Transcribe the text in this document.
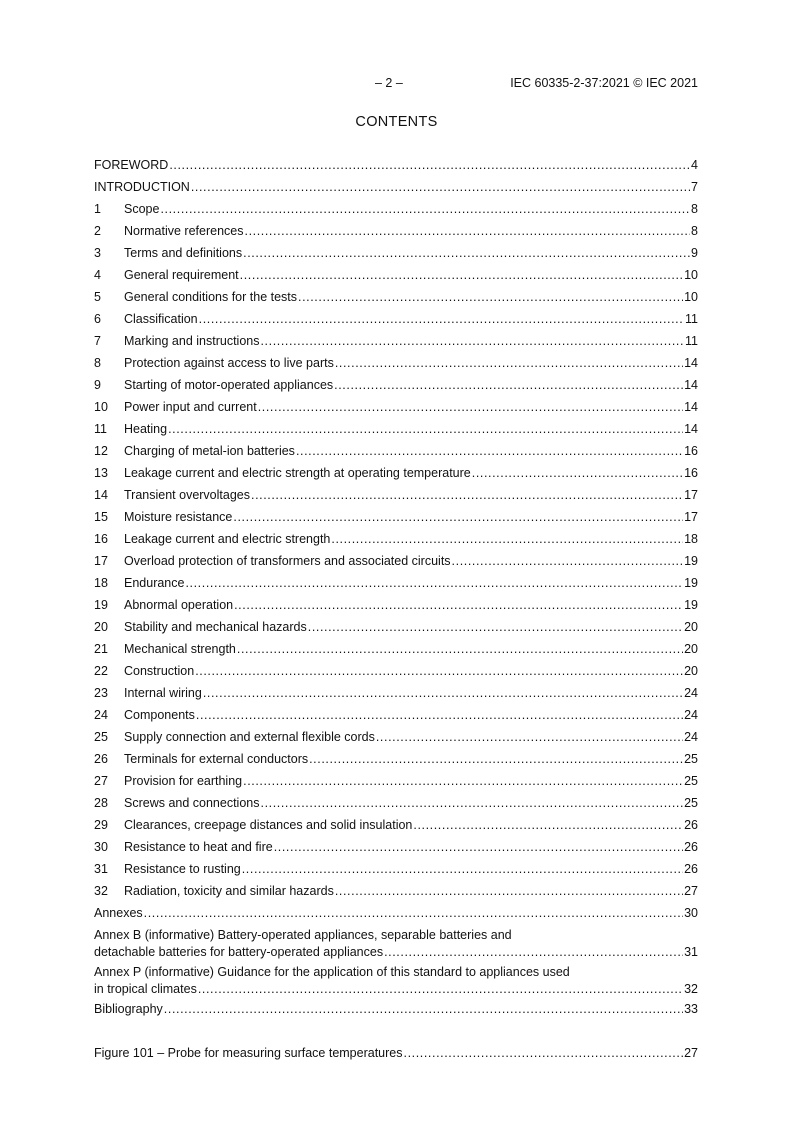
– 2 –	IEC 60335-2-37:2021 © IEC 2021
CONTENTS
FOREWORD .....	4
INTRODUCTION .....	7
1	Scope .....	8
2	Normative references .....	8
3	Terms and definitions .....	9
4	General requirement .....	10
5	General conditions for the tests .....	10
6	Classification .....	11
7	Marking and instructions .....	11
8	Protection against access to live parts .....	14
9	Starting of motor-operated appliances .....	14
10	Power input and current .....	14
11	Heating .....	14
12	Charging of metal-ion batteries .....	16
13	Leakage current and electric strength at operating temperature .....	16
14	Transient overvoltages .....	17
15	Moisture resistance .....	17
16	Leakage current and electric strength .....	18
17	Overload protection of transformers and associated circuits .....	19
18	Endurance .....	19
19	Abnormal operation .....	19
20	Stability and mechanical hazards .....	20
21	Mechanical strength .....	20
22	Construction .....	20
23	Internal wiring .....	24
24	Components .....	24
25	Supply connection and external flexible cords .....	24
26	Terminals for external conductors .....	25
27	Provision for earthing .....	25
28	Screws and connections .....	25
29	Clearances, creepage distances and solid insulation .....	26
30	Resistance to heat and fire .....	26
31	Resistance to rusting .....	26
32	Radiation, toxicity and similar hazards .....	27
Annexes .....	30
Annex B (informative) Battery-operated appliances, separable batteries and
detachable batteries for battery-operated appliances .....	31
Annex P (informative) Guidance for the application of this standard to appliances used
in tropical climates .....	32
Bibliography .....	33
Figure 101 – Probe for measuring surface temperatures .....	27
